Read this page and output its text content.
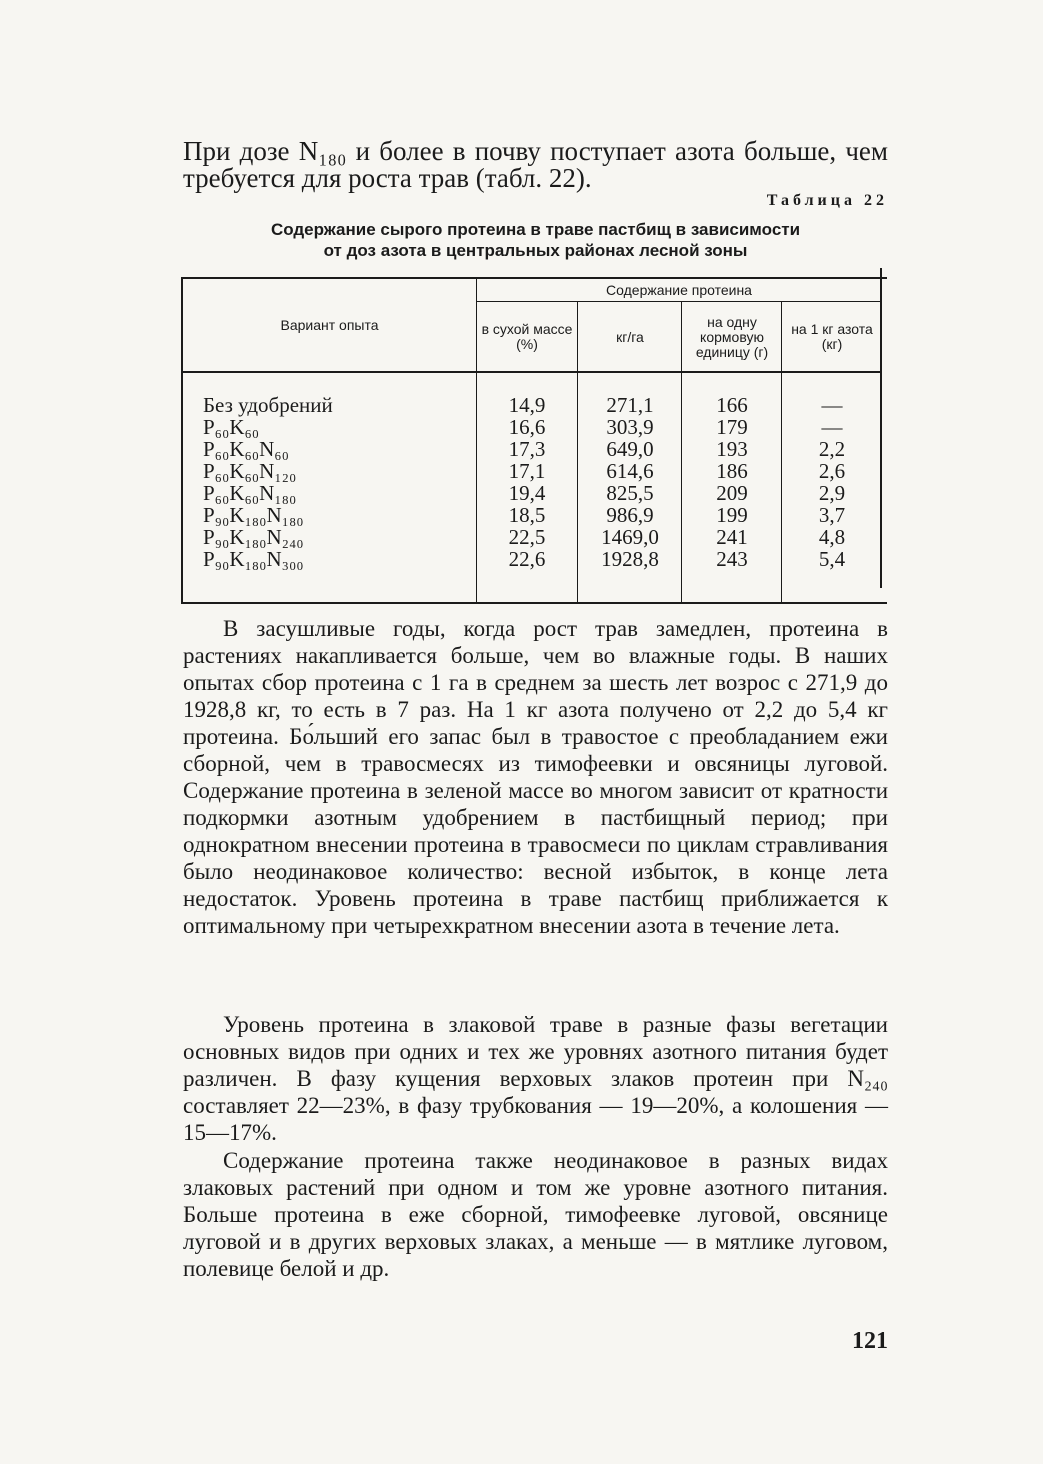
При дозе N₁₈₀ и более в почву поступает азота больше, чем требуется для роста трав (табл. 22).
Таблица 22
Содержание сырого протеина в траве пастбищ в зависимости
от доз азота в центральных районах лесной зоны
Вариант опыта
Содержание протеина
в сухой массе (%)	кг/га
на одну кормовую единицу (г)
на 1 кг азота (кг)
Без удобрений	14,9	271,1	166	—
P₆₀K₆₀	16,6	303,9	179	—
P₆₀K₆₀N₆₀	17,3	649,0	193	2,2
P₆₀K₆₀N₁₂₀	17,1	614,6	186	2,6
P₆₀K₆₀N₁₈₀	19,4	825,5	209	2,9
P₉₀K₁₈₀N₁₈₀	18,5	986,9	199	3,7
P₉₀K₁₈₀N₂₄₀	22,5	1469,0	241	4,8
P₉₀K₁₈₀N₃₀₀	22,6	1928,8	243	5,4
В засушливые годы, когда рост трав замедлен, протеина в растениях накапливается больше, чем во влажные годы. В наших опытах сбор протеина с 1 га в среднем за шесть лет возрос с 271,9 до 1928,8 кг, то есть в 7 раз. На 1 кг азота получено от 2,2 до 5,4 кг протеина. Бо́льший его запас был в травостое с преобладанием ежи сборной, чем в травосмесях из тимофеевки и овсяницы луговой. Содержание протеина в зеленой массе во многом зависит от кратности подкормки азотным удобрением в пастбищный период; при однократном внесении протеина в травосмеси по циклам стравливания было неодинаковое количество: весной избыток, в конце лета недостаток. Уровень протеина в траве пастбищ приближается к оптимальному при четырехкратном внесении азота в течение лета.
Уровень протеина в злаковой траве в разные фазы вегетации основных видов при одних и тех же уровнях азотного питания будет различен. В фазу кущения верховых злаков протеин при N₂₄₀ составляет 22—23%, в фазу трубкования — 19—20%, а колошения — 15—17%.
Содержание протеина также неодинаковое в разных видах злаковых растений при одном и том же уровне азотного питания. Больше протеина в еже сборной, тимофеевке луговой, овсянице луговой и в других верховых злаках, а меньше — в мятлике луговом, полевице белой и др.
121
